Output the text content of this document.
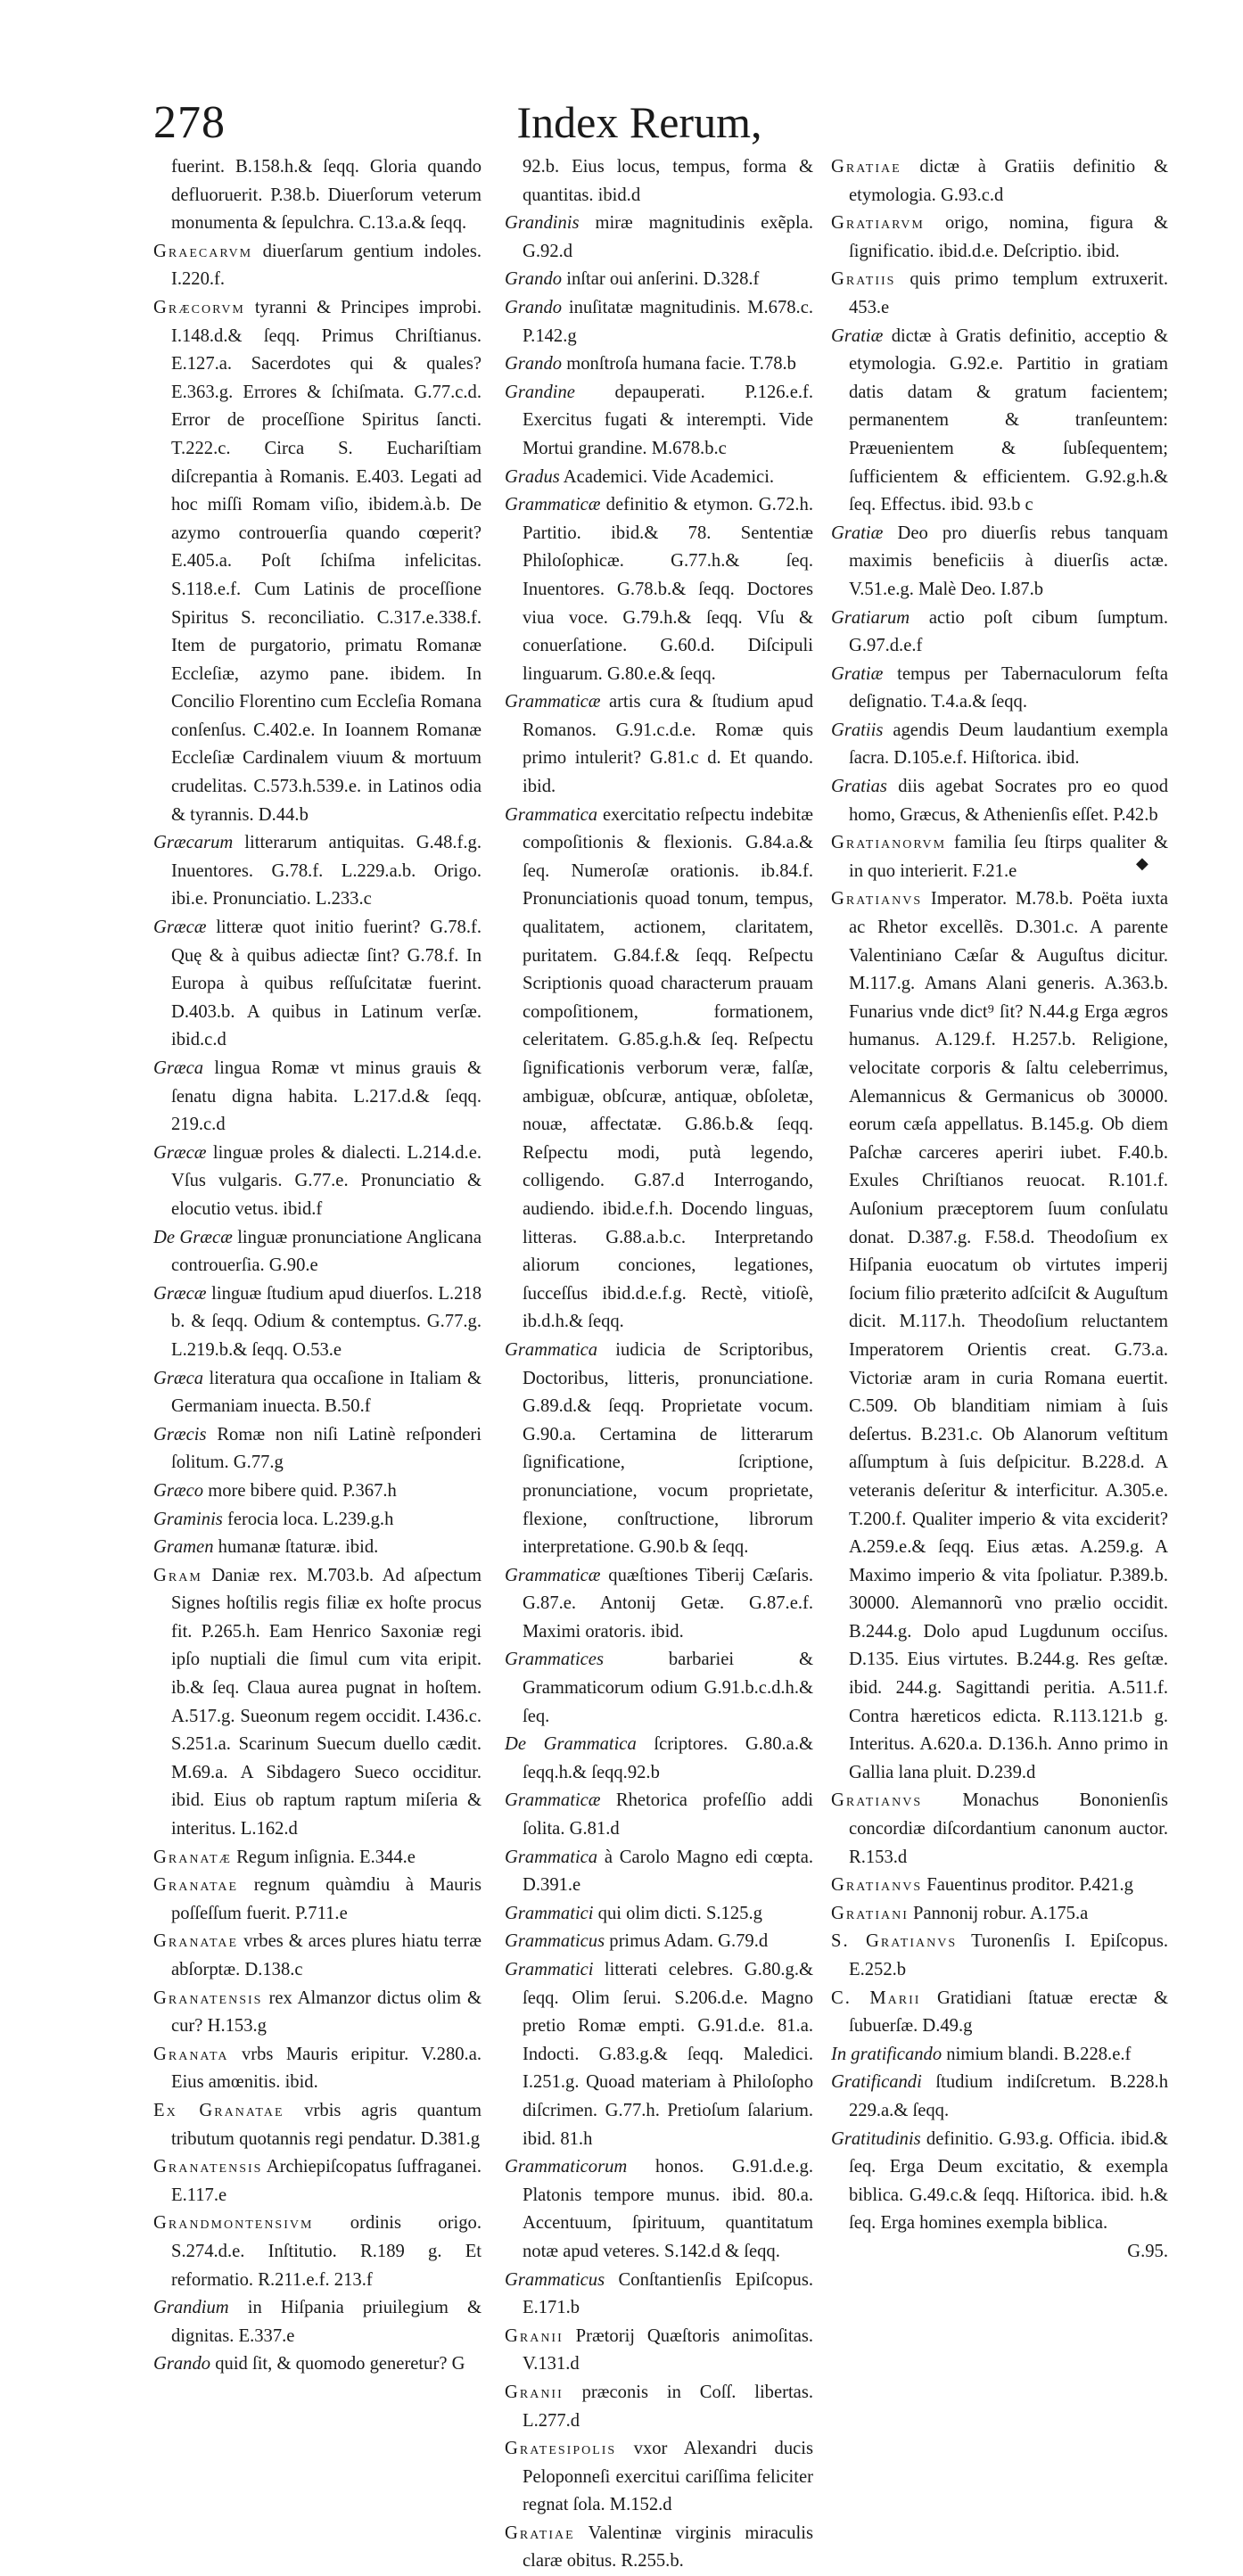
278	Index Rerum,

fuerint. B.158.h.& ſeqq. Gloria quando defluoruerit. P.38.b. Diuerſorum veterum monumenta & ſepulchra. C.13.a.& ſeqq.

Graecarvm diuerſarum gentium indoles. I.220.f.

Græcorvm tyranni & Principes improbi. I.148.d.& ſeqq. Primus Chriſtianus. E.127.a. Sacerdotes qui & quales? E.363.g. Errores & ſchiſmata. G.77.c.d. Error de proceſſione Spiritus ſancti. T.222.c. Circa S. Euchariſtiam diſcrepantia à Romanis. E.403. Legati ad hoc miſſi Romam viſio, ibidem.à.b. De azymo controuerſia quando cœperit? E.405.a. Poſt ſchiſma infelicitas. S.118.e.f. Cum Latinis de proceſſione Spiritus S. reconciliatio. C.317.e.338.f. Item de purgatorio, primatu Romanæ Eccleſiæ, azymo pane. ibidem. In Concilio Florentino cum Eccleſia Romana conſenſus. C.402.e. In Ioannem Romanæ Eccleſiæ Cardinalem viuum & mortuum crudelitas. C.573.h.539.e. in Latinos odia & tyrannis. D.44.b

Græcarum litterarum antiquitas. G.48.f.g. Inuentores. G.78.f. L.229.a.b. Origo. ibi.e. Pronunciatio. L.233.c

Græcæ litteræ quot initio fuerint? G.78.f. Quę & à quibus adiectæ ſint? G.78.f. In Europa à quibus reſſuſcitatæ fuerint. D.403.b. A quibus in Latinum verſæ. ibid.c.d

Græca lingua Romæ vt minus grauis & ſenatu digna habita. L.217.d.& ſeqq. 219.c.d

Græcæ linguæ proles & dialecti. L.214.d.e. Vſus vulgaris. G.77.e. Pronunciatio & elocutio vetus. ibid.f

De Græcæ linguæ pronunciatione Anglicana controuerſia. G.90.e

Græcæ linguæ ſtudium apud diuerſos. L.218 b. & ſeqq. Odium & contemptus. G.77.g. L.219.b.& ſeqq. O.53.e

Græca literatura qua occaſione in Italiam & Germaniam inuecta. B.50.f

Græcis Romæ non niſi Latinè reſponderi ſolitum. G.77.g

Græco more bibere quid. P.367.h

Graminis ferocia loca. L.239.g.h

Gramen humanæ ſtaturæ. ibid.

Gram Daniæ rex. M.703.b. Ad aſpectum Signes hoſtilis regis filiæ ex hoſte procus fit. P.265.h. Eam Henrico Saxoniæ regi ipſo nuptiali die ſimul cum vita eripit. ib.& ſeq. Claua aurea pugnat in hoſtem. A.517.g. Sueonum regem occidit. I.436.c. S.251.a. Scarinum Suecum duello cædit. M.69.a. A Sibdagero Sueco occiditur. ibid. Eius ob raptum raptum miſeria & interitus. L.162.d

Granatæ Regum inſignia. E.344.e

Granatae regnum quàmdiu à Mauris poſſeſſum fuerit. P.711.e

Granatae vrbes & arces plures hiatu terræ abſorptæ. D.138.c

Granatensis rex Almanzor dictus olim & cur? H.153.g

Granata vrbs Mauris eripitur. V.280.a. Eius amœnitis. ibid.

Ex Granatae vrbis agris quantum tributum quotannis regi pendatur. D.381.g

Granatensis Archiepiſcopatus ſuffraganei. E.117.e

Grandmontensivm ordinis origo. S.274.d.e. Inſtitutio. R.189 g. Et reformatio. R.211.e.f. 213.f

Grandium in Hiſpania priuilegium & dignitas. E.337.e

Grando quid ſit, & quomodo generetur? G

92.b. Eius locus, tempus, forma & quantitas. ibid.d

Grandinis miræ magnitudinis exẽpla. G.92.d

Grando inſtar oui anſerini. D.328.f

Grando inuſitatæ magnitudinis. M.678.c. P.142.g

Grando monſtroſa humana facie. T.78.b

Grandine depauperati. P.126.e.f. Exercitus fugati & interempti. Vide Mortui grandine. M.678.b.c

Gradus Academici. Vide Academici.

Grammaticæ definitio & etymon. G.72.h. Partitio. ibid.& 78. Sententiæ Philoſophicæ. G.77.h.& ſeq. Inuentores. G.78.b.& ſeqq. Doctores viua voce. G.79.h.& ſeqq. Vſu & conuerſatione. G.60.d. Diſcipuli linguarum. G.80.e.& ſeqq.

Grammaticæ artis cura & ſtudium apud Romanos. G.91.c.d.e. Romæ quis primo intulerit? G.81.c d. Et quando. ibid.

Grammatica exercitatio reſpectu indebitæ compoſitionis & flexionis. G.84.a.& ſeq. Numeroſæ orationis. ib.84.f. Pronunciationis quoad tonum, tempus, qualitatem, actionem, claritatem, puritatem. G.84.f.& ſeqq. Reſpectu Scriptionis quoad characterum prauam compoſitionem, formationem, celeritatem. G.85.g.h.& ſeq. Reſpectu ſignificationis verborum veræ, falſæ, ambiguæ, obſcuræ, antiquæ, obſoletæ, nouæ, affectatæ. G.86.b.& ſeqq. Reſpectu modi, putà legendo, colligendo. G.87.d Interrogando, audiendo. ibid.e.f.h. Docendo linguas, litteras. G.88.a.b.c. Interpretando aliorum conciones, legationes, ſucceſſus ibid.d.e.f.g. Rectè, vitioſè, ib.d.h.& ſeqq.

Grammatica iudicia de Scriptoribus, Doctoribus, litteris, pronunciatione. G.89.d.& ſeqq. Proprietate vocum. G.90.a. Certamina de litterarum ſignificatione, ſcriptione, pronunciatione, vocum proprietate, flexione, conſtructione, librorum interpretatione. G.90.b & ſeqq.

Grammaticæ quæſtiones Tiberij Cæſaris. G.87.e. Antonij Getæ. G.87.e.f. Maximi oratoris. ibid.

Grammatices barbariei & Grammaticorum odium G.91.b.c.d.h.& ſeq.

De Grammatica ſcriptores. G.80.a.& ſeqq.h.& ſeqq.92.b

Grammaticæ Rhetorica profeſſio addi ſolita. G.81.d

Grammatica à Carolo Magno edi cœpta. D.391.e

Grammatici qui olim dicti. S.125.g

Grammaticus primus Adam. G.79.d

Grammatici litterati celebres. G.80.g.& ſeqq. Olim ſerui. S.206.d.e. Magno pretio Romæ empti. G.91.d.e. 81.a. Indocti. G.83.g.& ſeqq. Maledici. I.251.g. Quoad materiam à Philoſopho diſcrimen. G.77.h. Pretioſum ſalarium. ibid. 81.h

Grammaticorum honos. G.91.d.e.g. Platonis tempore munus. ibid. 80.a. Accentuum, ſpirituum, quantitatum notæ apud veteres. S.142.d & ſeqq.

Grammaticus Conſtantienſis Epiſcopus. E.171.b

Granii Prætorij Quæſtoris animoſitas. V.131.d

Granii præconis in Coſſ. libertas. L.277.d

Gratesipolis vxor Alexandri ducis Peloponneſi exercitui cariſſima feliciter regnat ſola. M.152.d

Gratiae Valentinæ virginis miraculis claræ obitus. R.255.b.

Gratiae dictæ à Gratiis definitio & etymologia. G.93.c.d

Gratiarvm origo, nomina, figura & ſignificatio. ibid.d.e. Deſcriptio. ibid.

Gratiis quis primo templum extruxerit. 453.e

Gratiæ dictæ à Gratis definitio, acceptio & etymologia. G.92.e. Partitio in gratiam datis datam & gratum facientem; permanentem & tranſeuntem: Præuenientem & ſubſequentem; ſufficientem & efficientem. G.92.g.h.& ſeq. Effectus. ibid. 93.b c

Gratiæ Deo pro diuerſis rebus tanquam maximis beneficiis à diuerſis actæ. V.51.e.g. Malè Deo. I.87.b

Gratiarum actio poſt cibum ſumptum. G.97.d.e.f

Gratiæ tempus per Tabernaculorum feſta deſignatio. T.4.a.& ſeqq.

Gratiis agendis Deum laudantium exempla ſacra. D.105.e.f. Hiſtorica. ibid.

Gratias diis agebat Socrates pro eo quod homo, Græcus, & Athenienſis eſſet. P.42.b

Gratianorvm familia ſeu ſtirps qualiter & in quo interierit. F.21.e

Gratianvs Imperator. M.78.b. Poëta iuxta ac Rhetor excellẽs. D.301.c. A parente Valentiniano Cæſar & Auguſtus dicitur. M.117.g. Amans Alani generis. A.363.b. Funarius vnde dict⁹ ſit? N.44.g Erga ægros humanus. A.129.f. H.257.b. Religione, velocitate corporis & ſaltu celeberrimus, Alemannicus & Germanicus ob 30000. eorum cæſa appellatus. B.145.g. Ob diem Paſchæ carceres aperiri iubet. F.40.b. Exules Chriſtianos reuocat. R.101.f. Auſonium præceptorem ſuum conſulatu donat. D.387.g. F.58.d. Theodoſium ex Hiſpania euocatum ob virtutes imperij ſocium filio præterito adſciſcit & Auguſtum dicit. M.117.h. Theodoſium reluctantem Imperatorem Orientis creat. G.73.a. Victoriæ aram in curia Romana euertit. C.509. Ob blanditiam nimiam à ſuis deſertus. B.231.c. Ob Alanorum veſtitum aſſumptum à ſuis deſpicitur. B.228.d. A veteranis deſeritur & interficitur. A.305.e. T.200.f. Qualiter imperio & vita exciderit? A.259.e.& ſeqq. Eius ætas. A.259.g. A Maximo imperio & vita ſpoliatur. P.389.b. 30000. Alemannorũ vno prælio occidit. B.244.g. Dolo apud Lugdunum occiſus. D.135. Eius virtutes. B.244.g. Res geſtæ. ibid. 244.g. Sagittandi peritia. A.511.f. Contra hæreticos edicta. R.113.121.b g. Interitus. A.620.a. D.136.h. Anno primo in Gallia lana pluit. D.239.d

Gratianvs Monachus Bononienſis concordiæ diſcordantium canonum auctor. R.153.d

Gratianvs Fauentinus proditor. P.421.g

Gratiani Pannonij robur. A.175.a

S. Gratianvs Turonenſis I. Epiſcopus. E.252.b

C. Marii Gratidiani ſtatuæ erectæ & ſubuerſæ. D.49.g

In gratificando nimium blandi. B.228.e.f

Gratificandi ſtudium indiſcretum. B.228.h 229.a.& ſeqq.

Gratitudinis definitio. G.93.g. Officia. ibid.& ſeq. Erga Deum excitatio, & exempla biblica. G.49.c.& ſeqq. Hiſtorica. ibid. h.& ſeq. Erga homines exempla biblica.

G.95.

◆
